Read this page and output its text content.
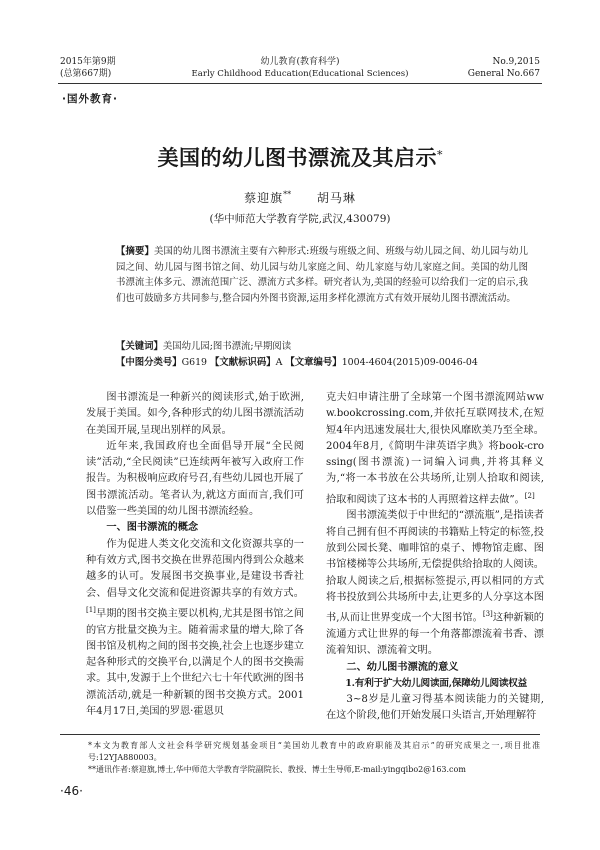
2015年第9期
(总第667期)
幼儿教育(教育科学)
Early Childhood Education(Educational Sciences)
No.9,2015
General No.667
·国外教育·
美国的幼儿图书漂流及其启示*
蔡迎旗** 胡马琳
(华中师范大学教育学院,武汉,430079)
【摘要】美国的幼儿图书漂流主要有六种形式:班级与班级之间、班级与幼儿园之间、幼儿园与幼儿园之间、幼儿园与图书馆之间、幼儿园与幼儿家庭之间、幼儿家庭与幼儿家庭之间。美国的幼儿图书漂流主体多元、漂流范围广泛、漂流方式多样。研究者认为,美国的经验可以给我们一定的启示,我们也可鼓励多方共同参与,整合园内外图书资源,运用多样化漂流方式有效开展幼儿图书漂流活动。
【关键词】美国幼儿园;图书漂流;早期阅读
【中图分类号】G619 【文献标识码】A 【文章编号】1004-4604(2015)09-0046-04

图书漂流是一种新兴的阅读形式,始于欧洲,发展于美国。如今,各种形式的幼儿图书漂流活动在美国开展,呈现出别样的风景。

近年来,我国政府也全面倡导开展“全民阅读”活动,“全民阅读”已连续两年被写入政府工作报告。为积极响应政府号召,有些幼儿园也开展了图书漂流活动。笔者认为,就这方面而言,我们可以借鉴一些美国的幼儿图书漂流经验。

一、图书漂流的概念

作为促进人类文化交流和文化资源共享的一种有效方式,图书交换在世界范围内得到公众越来越多的认可。发展图书交换事业,是建设书香社会、倡导文化交流和促进资源共享的有效方式。[1]早期的图书交换主要以机构,尤其是图书馆之间的官方批量交换为主。随着需求量的增大,除了各图书馆及机构之间的图书交换,社会上也逐步建立起各种形式的交换平台,以满足个人的图书交换需求。其中,发源于上个世纪六七十年代欧洲的图书漂流活动,就是一种新颖的图书交换方式。2001年4月17日,美国的罗恩·霍恩贝

克夫妇申请注册了全球第一个图书漂流网站www.bookcrossing.com,并依托互联网技术,在短短4年内迅速发展壮大,很快风靡欧美乃至全球。2004年8月,《简明牛津英语字典》将book-crossing(图书漂流)一词编入词典,并将其释义为,“将一本书放在公共场所,让别人拾取和阅读,拾取和阅读了这本书的人再照着这样去做”。[2]

图书漂流类似于中世纪的“漂流瓶”,是指读者将自己拥有但不再阅读的书籍贴上特定的标签,投放到公园长凳、咖啡馆的桌子、博物馆走廊、图书馆楼梯等公共场所,无偿提供给拾取的人阅读。拾取人阅读之后,根据标签提示,再以相同的方式将书投放到公共场所中去,让更多的人分享这本图书,从而让世界变成一个大图书馆。[3]这种新颖的流通方式让世界的每一个角落都漂流着书香、漂流着知识、漂流着文明。

二、幼儿图书漂流的意义

1.有利于扩大幼儿阅读面,保障幼儿阅读权益

3~8岁是儿童习得基本阅读能力的关键期,在这个阶段,他们开始发展口头语言,开始理解符

*本文为教育部人文社会科学研究规划基金项目“美国幼儿教育中的政府职能及其启示”的研究成果之一,项目批准号:12YJA880003。
**通讯作者:蔡迎旗,博士,华中师范大学教育学院副院长、教授、博士生导师,E-mail:yingqibo2@163.com
·46·
